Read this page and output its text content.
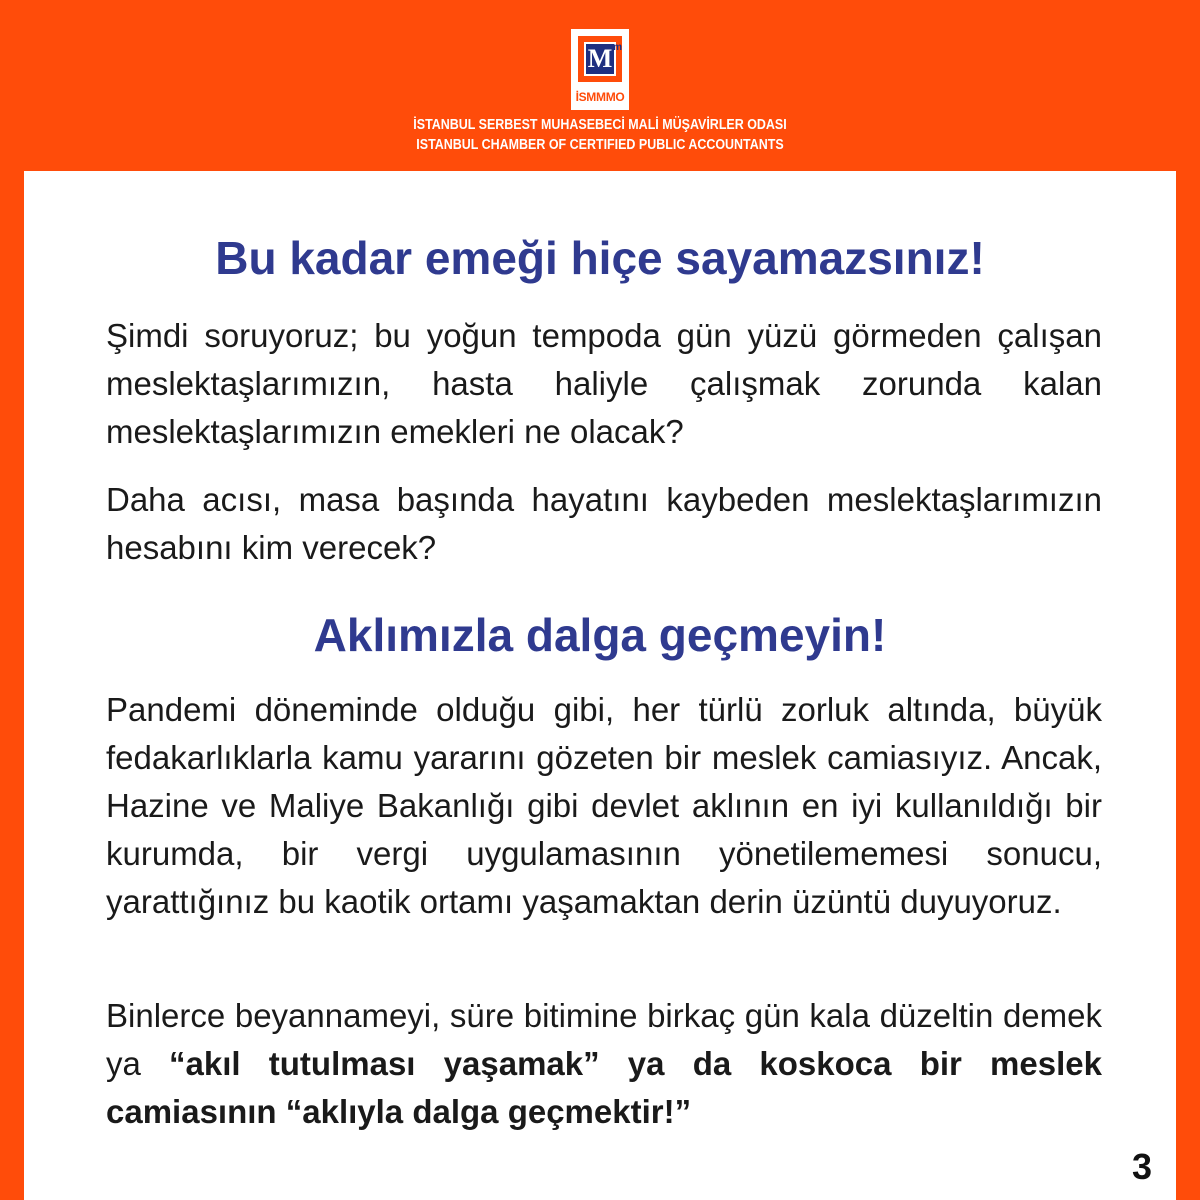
M m
İSMMMO
İSTANBUL SERBEST MUHASEBECİ MALİ MÜŞAVİRLER ODASI
ISTANBUL CHAMBER OF CERTIFIED PUBLIC ACCOUNTANTS
Bu kadar emeği hiçe sayamazsınız!

Şimdi soruyoruz; bu yoğun tempoda gün yüzü görmeden çalışan meslektaşlarımızın, hasta haliyle çalışmak zorunda kalan meslektaşlarımızın emekleri ne olacak?

Daha acısı, masa başında hayatını kaybeden meslektaşlarımızın hesabını kim verecek?

Aklımızla dalga geçmeyin!

Pandemi döneminde olduğu gibi, her türlü zorluk altında, büyük fedakarlıklarla kamu yararını gözeten bir meslek camiasıyız. Ancak, Hazine ve Maliye Bakanlığı gibi devlet aklının en iyi kullanıldığı bir kurumda, bir vergi uygulamasının yönetilememesi sonucu, yarattığınız bu kaotik ortamı yaşamaktan derin üzüntü duyuyoruz.

Binlerce beyannameyi, süre bitimine birkaç gün kala düzeltin demek ya “akıl tutulması yaşamak” ya da koskoca bir meslek camiasının “aklıyla dalga geçmektir!”

3
